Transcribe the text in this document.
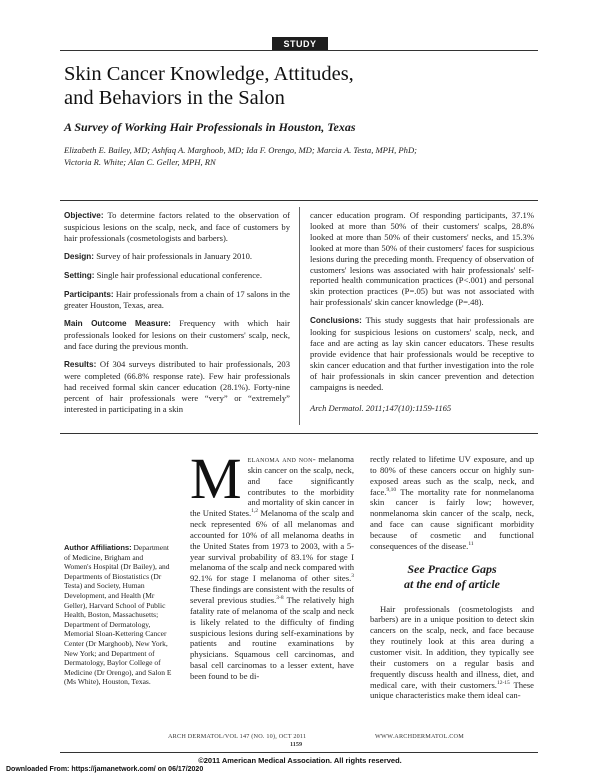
STUDY
Skin Cancer Knowledge, Attitudes,
and Behaviors in the Salon
A Survey of Working Hair Professionals in Houston, Texas
Elizabeth E. Bailey, MD; Ashfaq A. Marghoob, MD; Ida F. Orengo, MD; Marcia A. Testa, MPH, PhD;
Victoria R. White; Alan C. Geller, MPH, RN

Objective: To determine factors related to the observation of suspicious lesions on the scalp, neck, and face of customers by hair professionals (cosmetologists and barbers).

Design: Survey of hair professionals in January 2010.

Setting: Single hair professional educational conference.

Participants: Hair professionals from a chain of 17 salons in the greater Houston, Texas, area.

Main Outcome Measure: Frequency with which hair professionals looked for lesions on their customers' scalp, neck, and face during the previous month.

Results: Of 304 surveys distributed to hair professionals, 203 were completed (66.8% response rate). Few hair professionals had received formal skin cancer education (28.1%). Forty-nine percent of hair professionals were “very” or “extremely” interested in participating in a skin

cancer education program. Of responding participants, 37.1% looked at more than 50% of their customers' scalps, 28.8% looked at more than 50% of their customers' necks, and 15.3% looked at more than 50% of their customers' faces for suspicious lesions during the preceding month. Frequency of observation of customers' lesions was associated with hair professionals' self-reported health communication practices (P<.001) and personal skin protection practices (P=.05) but was not associated with hair professionals' skin cancer knowledge (P=.48).

Conclusions: This study suggests that hair professionals are looking for suspicious lesions on customers' scalp, neck, and face and are acting as lay skin cancer educators. These results provide evidence that hair professionals would be receptive to skin cancer education and that further investigation into the role of hair professionals in skin cancer prevention and detection campaigns is needed.

Arch Dermatol. 2011;147(10):1159-1165

Author Affiliations: Department of Medicine, Brigham and Women's Hospital (Dr Bailey), and Departments of Biostatistics (Dr Testa) and Society, Human Development, and Health (Mr Geller), Harvard School of Public Health, Boston, Massachusetts; Department of Dermatology, Memorial Sloan-Kettering Cancer Center (Dr Marghoob), New York, New York; and Department of Dermatology, Baylor College of Medicine (Dr Orengo), and Salon E (Ms White), Houston, Texas.

Melanoma and non- melanoma skin cancer on the scalp, neck, and face significantly contributes to the morbidity and mortality of skin cancer in the United States.$^{1,2}$ Melanoma of the scalp and neck represented 6% of all melanomas and accounted for 10% of all melanoma deaths in the United States from 1973 to 2003, with a 5-year survival probability of 83.1% for stage I melanoma of the scalp and neck compared with 92.1% for stage I melanoma of other sites.$^3$ These findings are consistent with the results of several previous studies.$^{3-8}$ The relatively high fatality rate of melanoma of the scalp and neck is likely related to the difficulty of finding suspicious lesions during self-examinations by patients and routine examinations by physicians. Squamous cell carcinomas, and basal cell carcinomas to a lesser extent, have been found to be di-

rectly related to lifetime UV exposure, and up to 80% of these cancers occur on highly sun-exposed areas such as the scalp, neck, and face.$^{9,10}$ The mortality rate for nonmelanoma skin cancer is fairly low; however, nonmelanoma skin cancer of the scalp, neck, and face can cause significant morbidity because of cosmetic and functional consequences of the disease.$^{11}$

See Practice Gaps
at the end of article

Hair professionals (cosmetologists and barbers) are in a unique position to detect skin cancers on the scalp, neck, and face because they routinely look at this area during a customer visit. In addition, they typically see their customers on a regular basis and frequently discuss health and illness, diet, and medical care, with their customers.$^{12-15}$ These unique characteristics make them ideal can-

ARCH DERMATOL/VOL 147 (NO. 10), OCT 2011	WWW.ARCHDERMATOL.COM
1159
©2011 American Medical Association. All rights reserved.
Downloaded From: https://jamanetwork.com/ on 06/17/2020
